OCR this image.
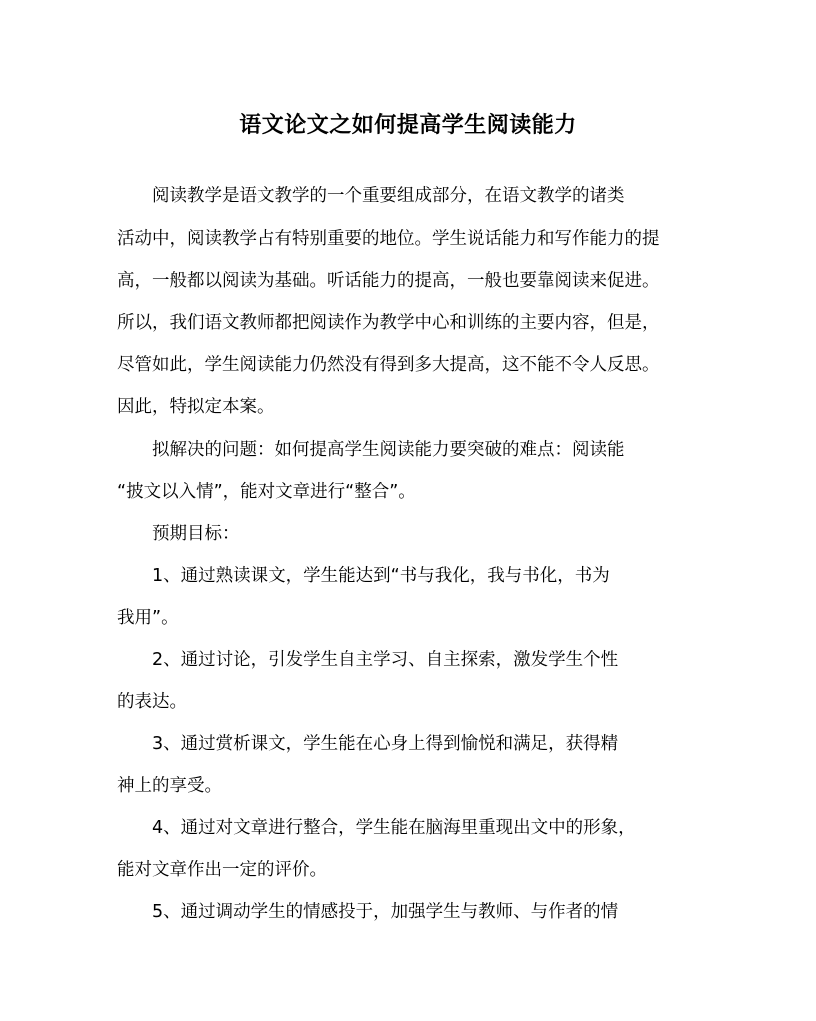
语文论文之如何提高学生阅读能力
　　阅读教学是语文教学的一个重要组成部分，在语文教学的诸类
活动中，阅读教学占有特别重要的地位。学生说话能力和写作能力的提
高，一般都以阅读为基础。听话能力的提高，一般也要靠阅读来促进。
所以，我们语文教师都把阅读作为教学中心和训练的主要内容，但是，
尽管如此，学生阅读能力仍然没有得到多大提高，这不能不令人反思。
因此，特拟定本案。
　　拟解决的问题：如何提高学生阅读能力要突破的难点：阅读能
“披文以入情”，能对文章进行“整合”。
　　预期目标：
　　1、通过熟读课文，学生能达到“书与我化，我与书化，书为
我用”。
　　2、通过讨论，引发学生自主学习、自主探索，激发学生个性
的表达。
　　3、通过赏析课文，学生能在心身上得到愉悦和满足，获得精
神上的享受。
　　4、通过对文章进行整合，学生能在脑海里重现出文中的形象，
能对文章作出一定的评价。
　　5、通过调动学生的情感投于，加强学生与教师、与作者的情
